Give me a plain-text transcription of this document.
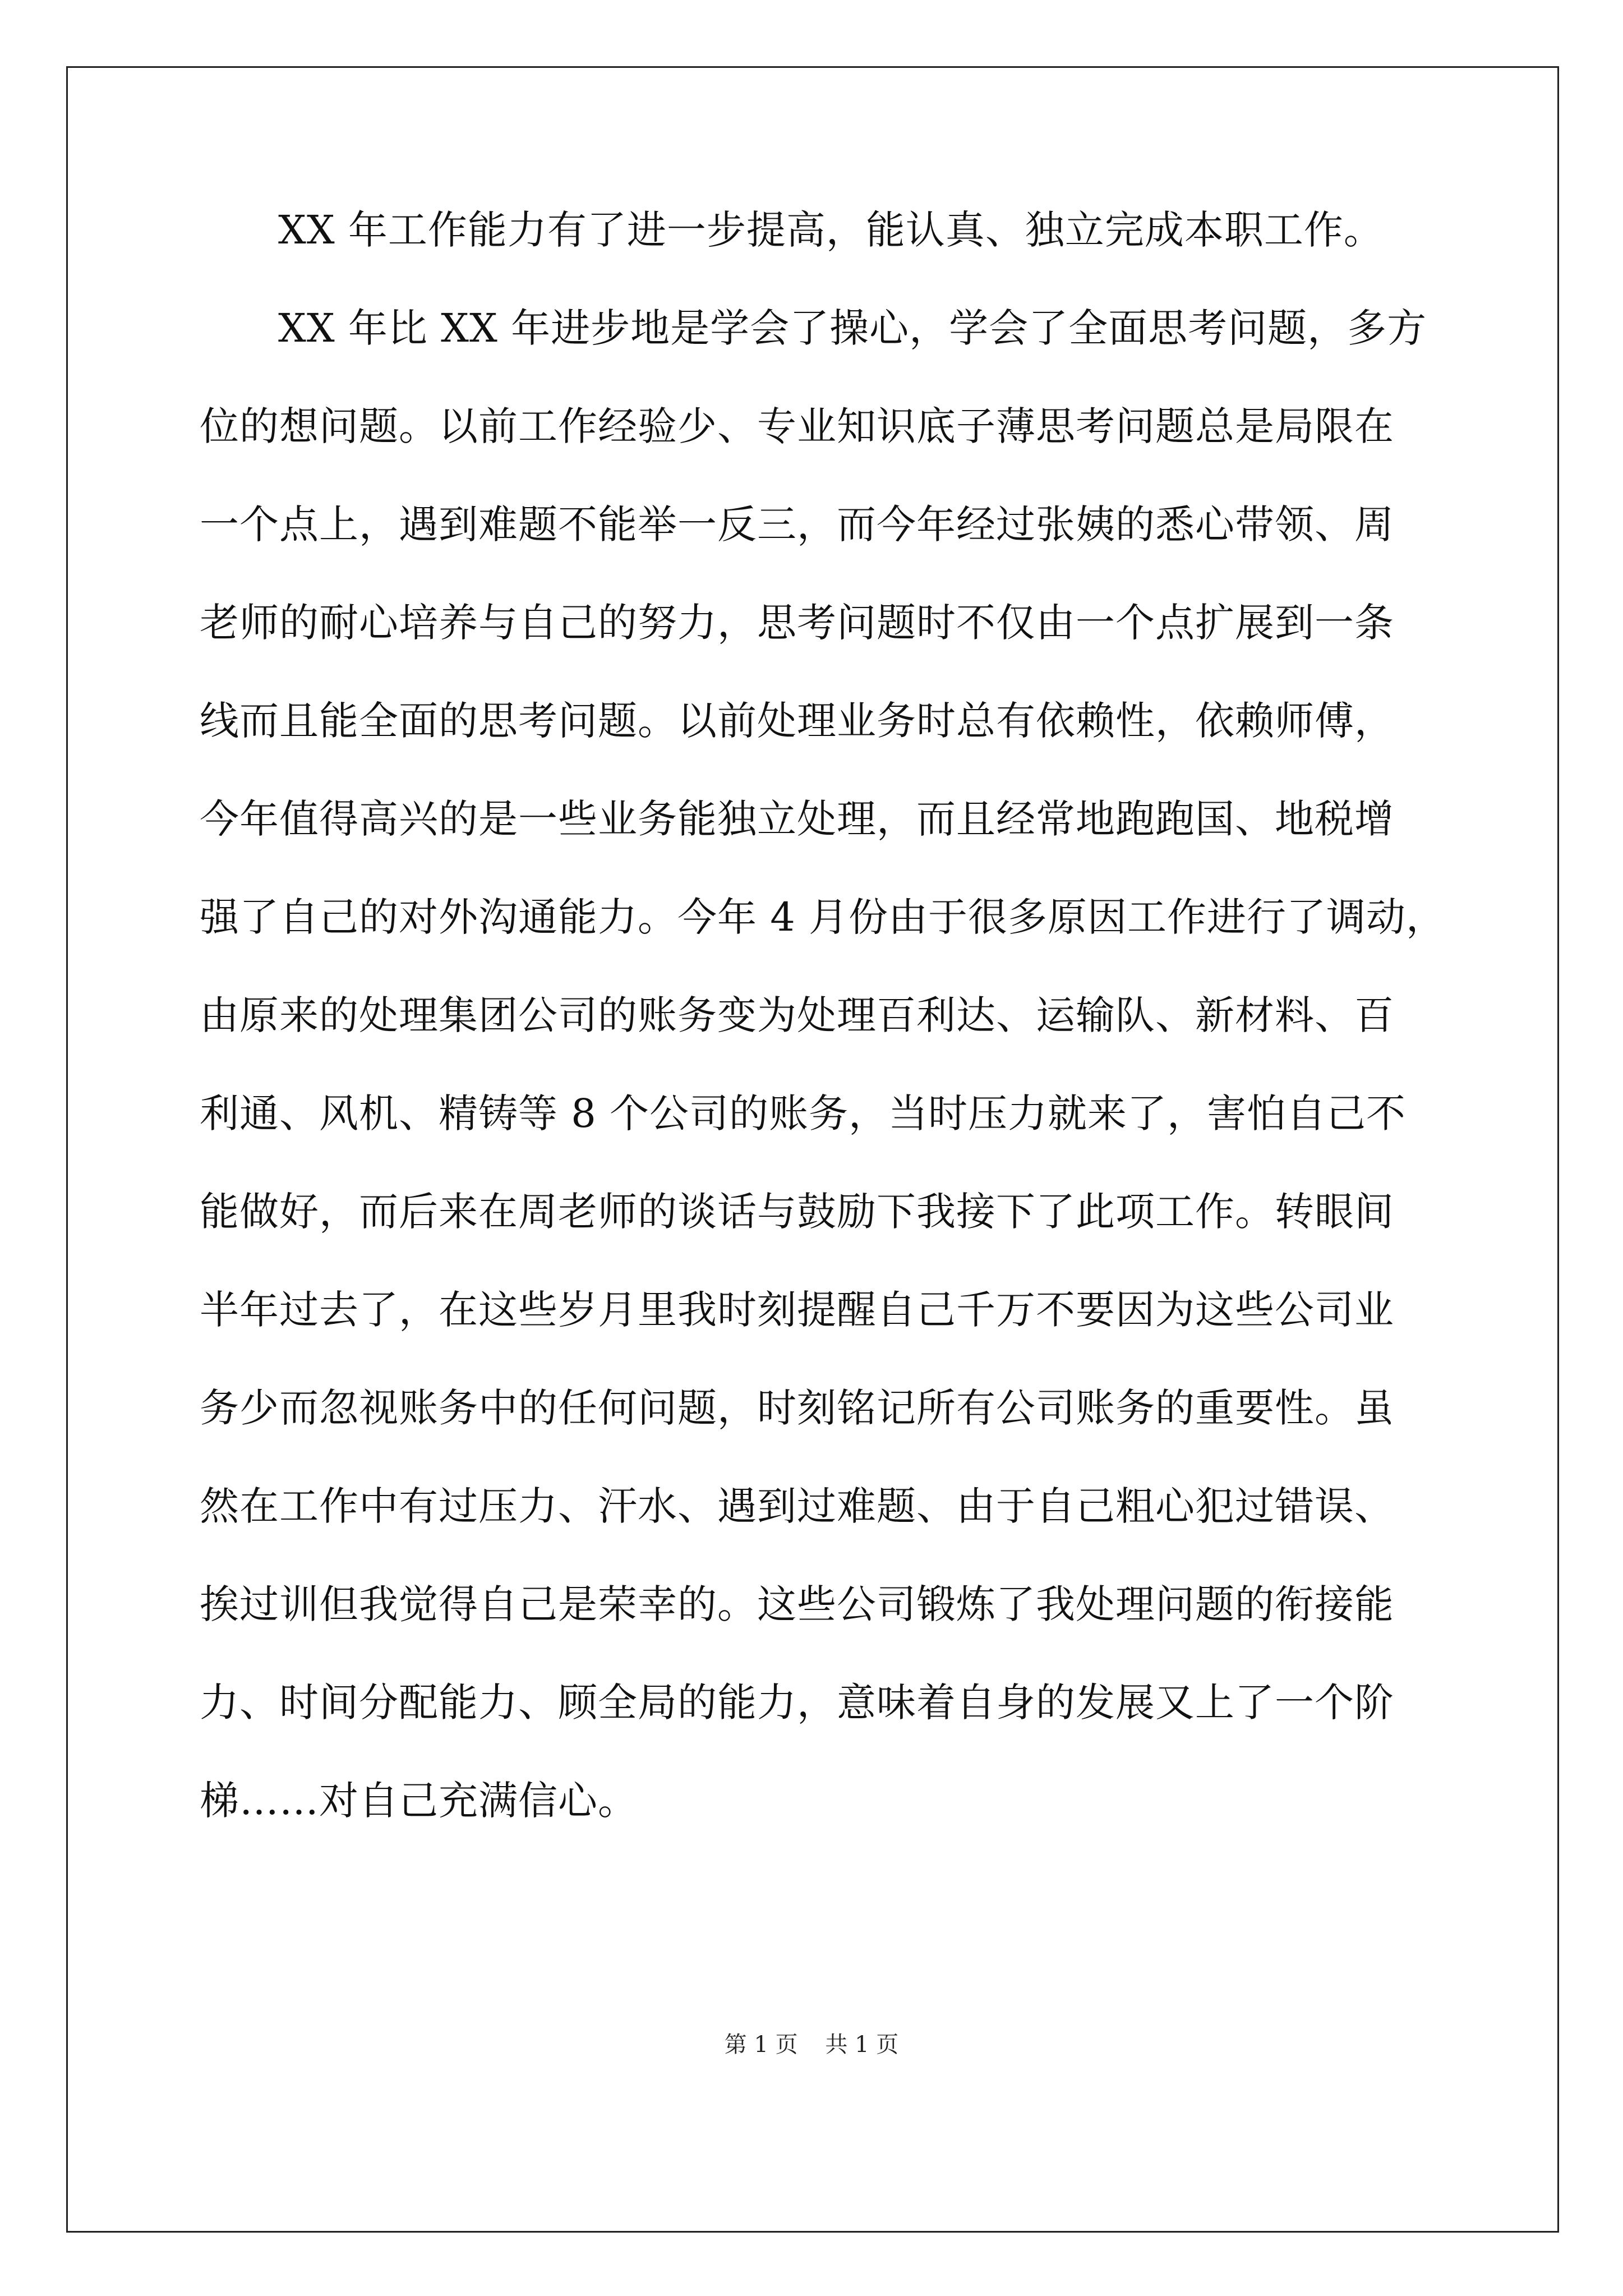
XX 年工作能力有了进一步提高，能认真、独立完成本职工作。
XX 年比 XX 年进步地是学会了操心，学会了全面思考问题，多方
位的想问题。以前工作经验少、专业知识底子薄思考问题总是局限在
一个点上，遇到难题不能举一反三，而今年经过张姨的悉心带领、周
老师的耐心培养与自己的努力，思考问题时不仅由一个点扩展到一条
线而且能全面的思考问题。以前处理业务时总有依赖性，依赖师傅，
今年值得高兴的是一些业务能独立处理，而且经常地跑跑国、地税增
强了自己的对外沟通能力。今年 4 月份由于很多原因工作进行了调动，
由原来的处理集团公司的账务变为处理百利达、运输队、新材料、百
利通、风机、精铸等 8 个公司的账务，当时压力就来了，害怕自己不
能做好，而后来在周老师的谈话与鼓励下我接下了此项工作。转眼间
半年过去了，在这些岁月里我时刻提醒自己千万不要因为这些公司业
务少而忽视账务中的任何问题，时刻铭记所有公司账务的重要性。虽
然在工作中有过压力、汗水、遇到过难题、由于自己粗心犯过错误、
挨过训但我觉得自己是荣幸的。这些公司锻炼了我处理问题的衔接能
力、时间分配能力、顾全局的能力，意味着自身的发展又上了一个阶
梯……对自己充满信心。
第 1 页 共 1 页
